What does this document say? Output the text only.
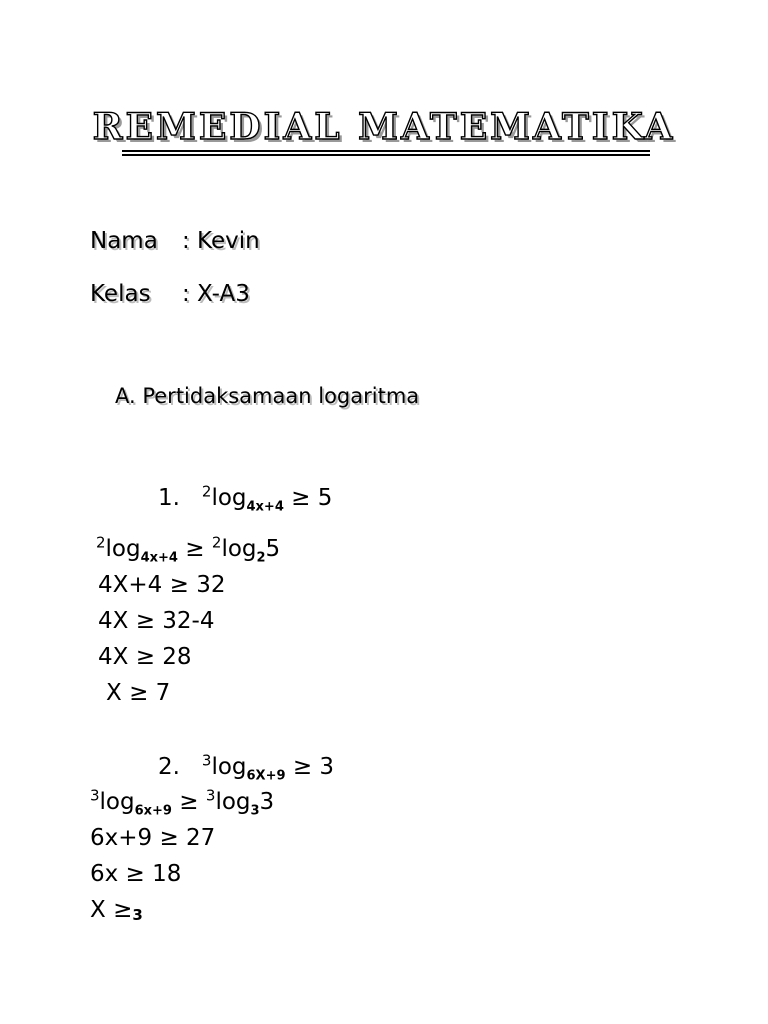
REMEDIAL MATEMATIKA
Nama : Kevin
Kelas : X-A3
A. Pertidaksamaan logaritma
1. $^2\log_{4x+4} \ge 5$
$^2\log_{4x+4} \ge ^2\log_25$
4X+4 ≥ 32
4X ≥ 32-4
4X ≥ 28
X ≥ 7
2. $^3\log_{6X+9} \ge 3$
$^3\log_{6x+9} \ge ^3\log_33$
6x+9 ≥ 27
6x ≥ 18
X ≥3
